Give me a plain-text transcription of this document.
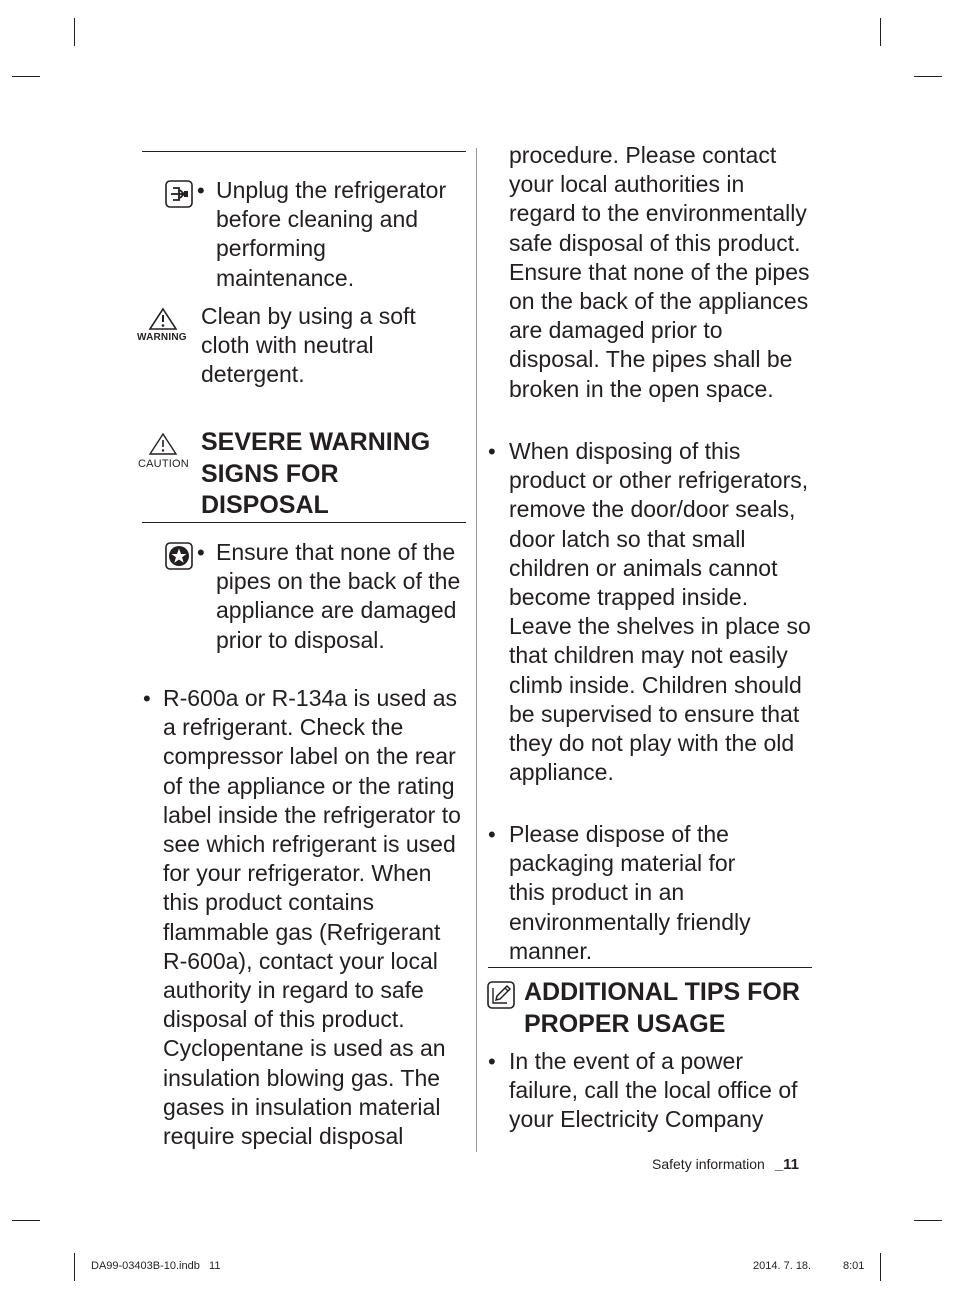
• Unplug the refrigerator before cleaning and performing maintenance.
WARNING
Clean by using a soft cloth with neutral detergent.
CAUTION
SEVERE WARNING SIGNS FOR DISPOSAL
• Ensure that none of the pipes on the back of the appliance are damaged prior to disposal.
• R-600a or R-134a is used as a refrigerant. Check the compressor label on the rear of the appliance or the rating label inside the refrigerator to see which refrigerant is used for your refrigerator. When this product contains flammable gas (Refrigerant R-600a), contact your local authority in regard to safe disposal of this product. Cyclopentane is used as an insulation blowing gas. The gases in insulation material require special disposal
procedure. Please contact your local authorities in regard to the environmentally safe disposal of this product. Ensure that none of the pipes on the back of the appliances are damaged prior to disposal. The pipes shall be broken in the open space.
• When disposing of this product or other refrigerators, remove the door/door seals, door latch so that small children or animals cannot become trapped inside. Leave the shelves in place so that children may not easily climb inside. Children should be supervised to ensure that they do not play with the old appliance.
• Please dispose of the packaging material for this product in an environmentally friendly manner.
ADDITIONAL TIPS FOR PROPER USAGE
• In the event of a power failure, call the local office of your Electricity Company
Safety information _11
DA99-03403B-10.indb   11	2014. 7. 18.	8:01
